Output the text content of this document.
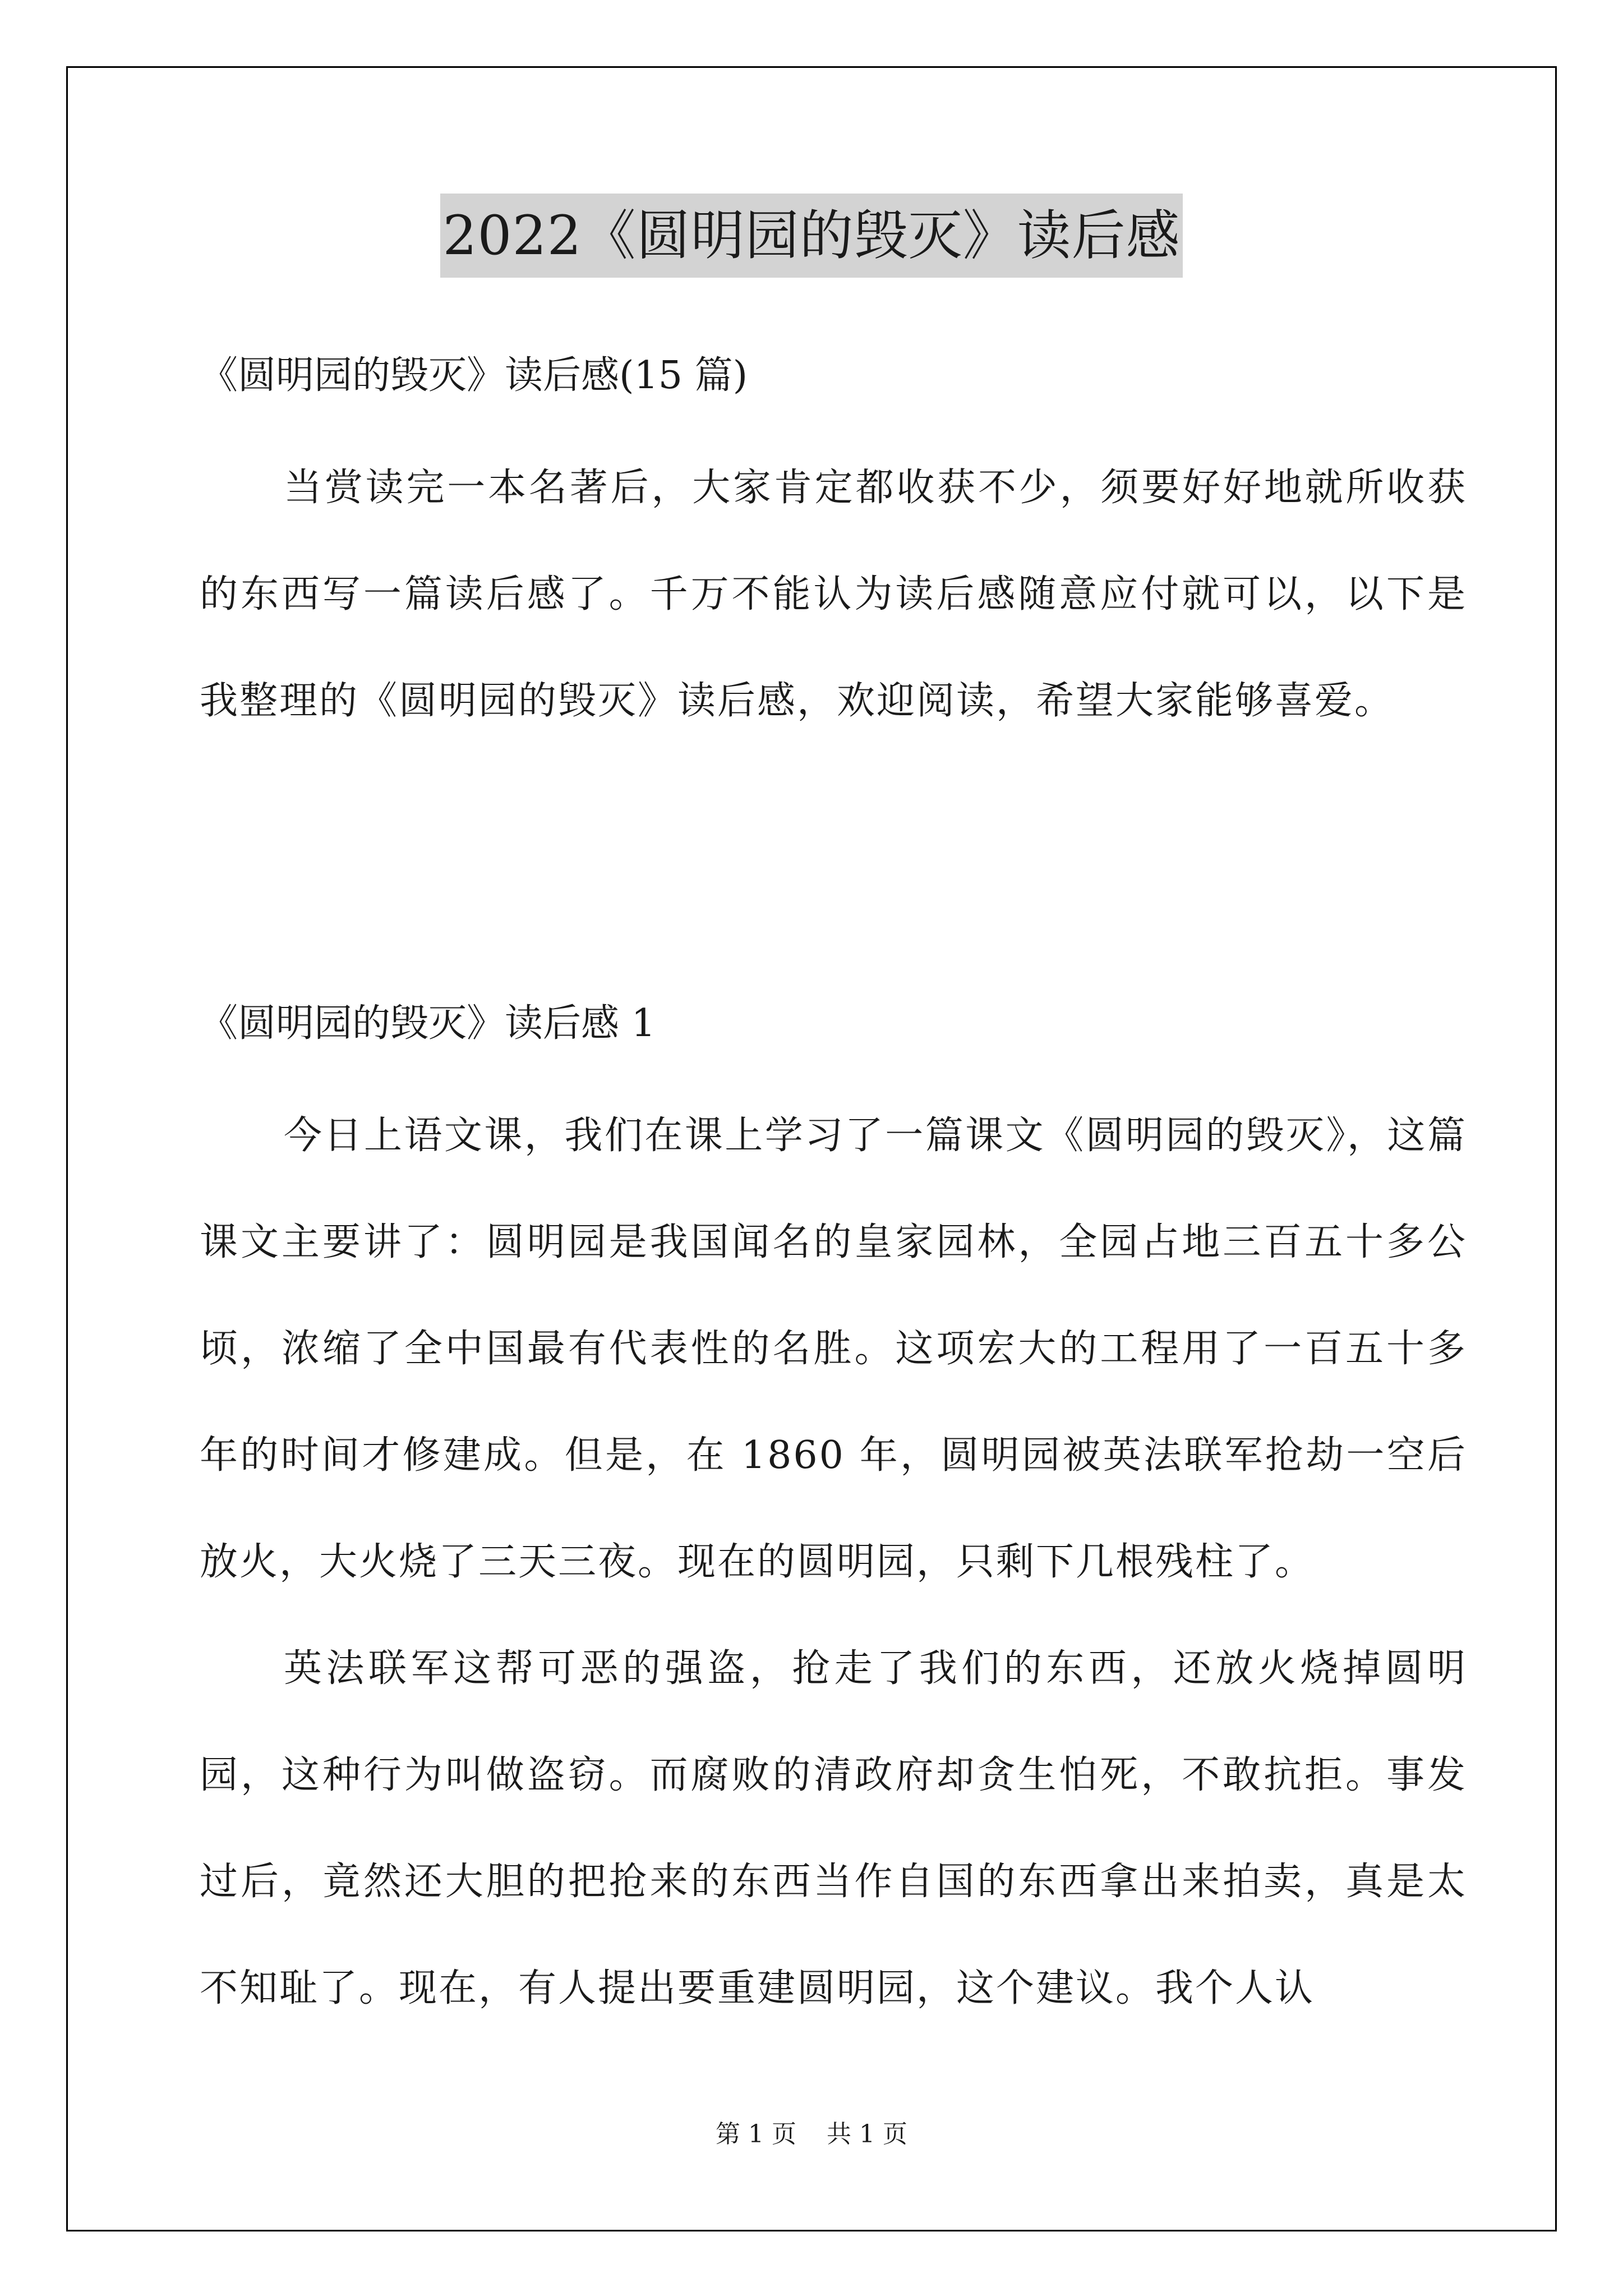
2022《圆明园的毁灭》读后感
《圆明园的毁灭》读后感(15 篇)

当赏读完一本名著后，大家肯定都收获不少，须要好好地就所收获的东西写一篇读后感了。千万不能认为读后感随意应付就可以，以下是我整理的《圆明园的毁灭》读后感，欢迎阅读，希望大家能够喜爱。

《圆明园的毁灭》读后感 1

今日上语文课，我们在课上学习了一篇课文《圆明园的毁灭》，这篇课文主要讲了：圆明园是我国闻名的皇家园林，全园占地三百五十多公顷，浓缩了全中国最有代表性的名胜。这项宏大的工程用了一百五十多年的时间才修建成。但是，在 1860 年，圆明园被英法联军抢劫一空后放火，大火烧了三天三夜。现在的圆明园，只剩下几根残柱了。

英法联军这帮可恶的强盗，抢走了我们的东西，还放火烧掉圆明园，这种行为叫做盗窃。而腐败的清政府却贪生怕死，不敢抗拒。事发过后，竟然还大胆的把抢来的东西当作自国的东西拿出来拍卖，真是太不知耻了。现在，有人提出要重建圆明园，这个建议。我个人认

第 1 页 共 1 页
